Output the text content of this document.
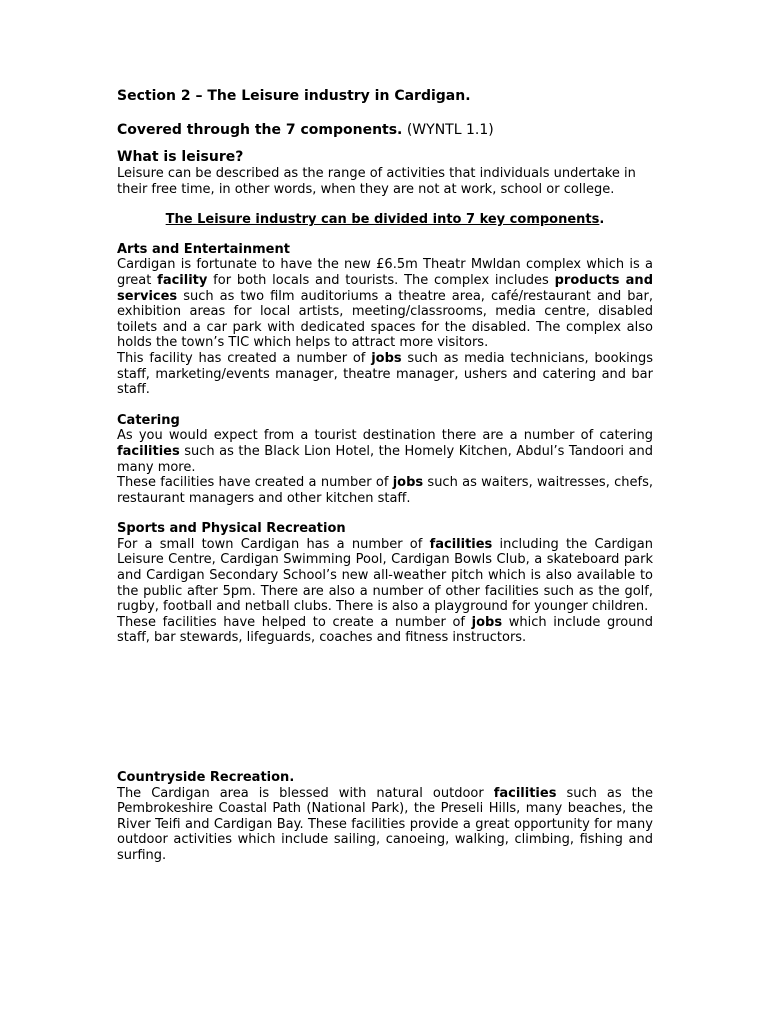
Section 2 – The Leisure industry in Cardigan.

Covered through the 7 components. (WYNTL 1.1)

What is leisure?

Leisure can be described as the range of activities that individuals undertake in their free time, in other words, when they are not at work, school or college.

The Leisure industry can be divided into 7 key components.

Arts and Entertainment

Cardigan is fortunate to have the new £6.5m Theatr Mwldan complex which is a great facility for both locals and tourists. The complex includes products and services such as two film auditoriums a theatre area, café/restaurant and bar, exhibition areas for local artists, meeting/classrooms, media centre, disabled toilets and a car park with dedicated spaces for the disabled. The complex also holds the town’s TIC which helps to attract more visitors.

This facility has created a number of jobs such as media technicians, bookings staff, marketing/events manager, theatre manager, ushers and catering and bar staff.

Catering

As you would expect from a tourist destination there are a number of catering facilities such as the Black Lion Hotel, the Homely Kitchen, Abdul’s Tandoori and many more.

These facilities have created a number of jobs such as waiters, waitresses, chefs, restaurant managers and other kitchen staff.

Sports and Physical Recreation

For a small town Cardigan has a number of facilities including the Cardigan Leisure Centre, Cardigan Swimming Pool, Cardigan Bowls Club, a skateboard park and Cardigan Secondary School’s new all-weather pitch which is also available to the public after 5pm. There are also a number of other facilities such as the golf, rugby, football and netball clubs. There is also a playground for younger children.

These facilities have helped to create a number of jobs which include ground staff, bar stewards, lifeguards, coaches and fitness instructors.

Countryside Recreation.

The Cardigan area is blessed with natural outdoor facilities such as the Pembrokeshire Coastal Path (National Park), the Preseli Hills, many beaches, the River Teifi and Cardigan Bay. These facilities provide a great opportunity for many outdoor activities which include sailing, canoeing, walking, climbing, fishing and surfing.
